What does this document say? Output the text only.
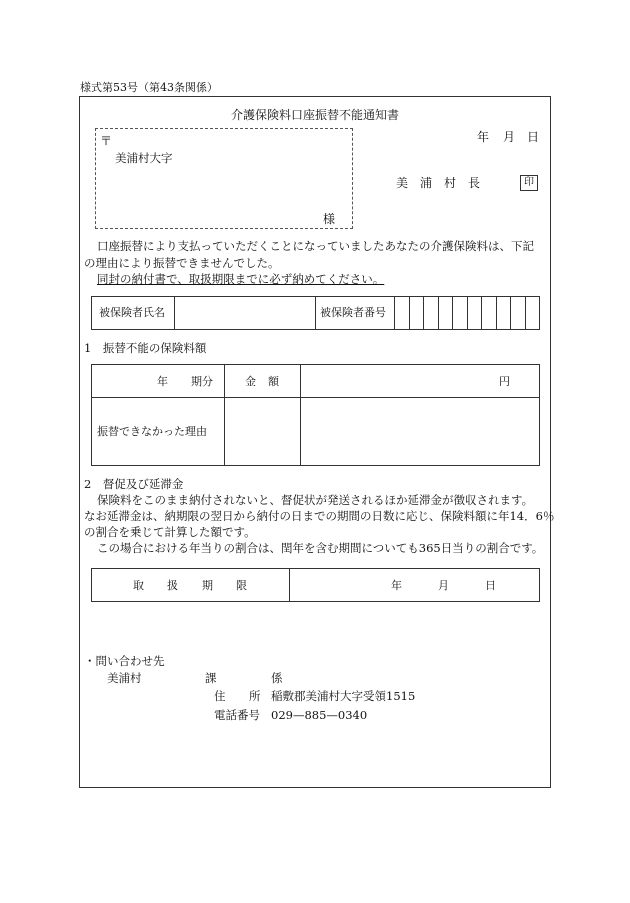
様式第53号（第43条関係）
介護保険料口座振替不能通知書
〒
美浦村大字
様
年 月 日
美 浦 村 長	印
口座振替により支払っていただくことになっていましたあなたの介護保険料は、下記
の理由により振替できませんでした。
同封の納付書で、取扱期限までに必ず納めてください。
被保険者氏名	被保険者番号
1　振替不能の保険料額
年 期分	金 額	円
振替できなかった理由
2　督促及び延滞金
保険料をこのまま納付されないと、督促状が発送されるほか延滞金が徴収されます。
なお延滞金は、納期限の翌日から納付の日までの期間の日数に応じ、保険料額に年14．6％
の割合を乗じて計算した額です。
この場合における年当りの割合は、閏年を含む期間についても365日当りの割合です。
取 扱 期 限	年	月	日
・問い合わせ先
美浦村	課	係
住 所 稲敷郡美浦村大字受領1515
電話番号 029—885—0340
